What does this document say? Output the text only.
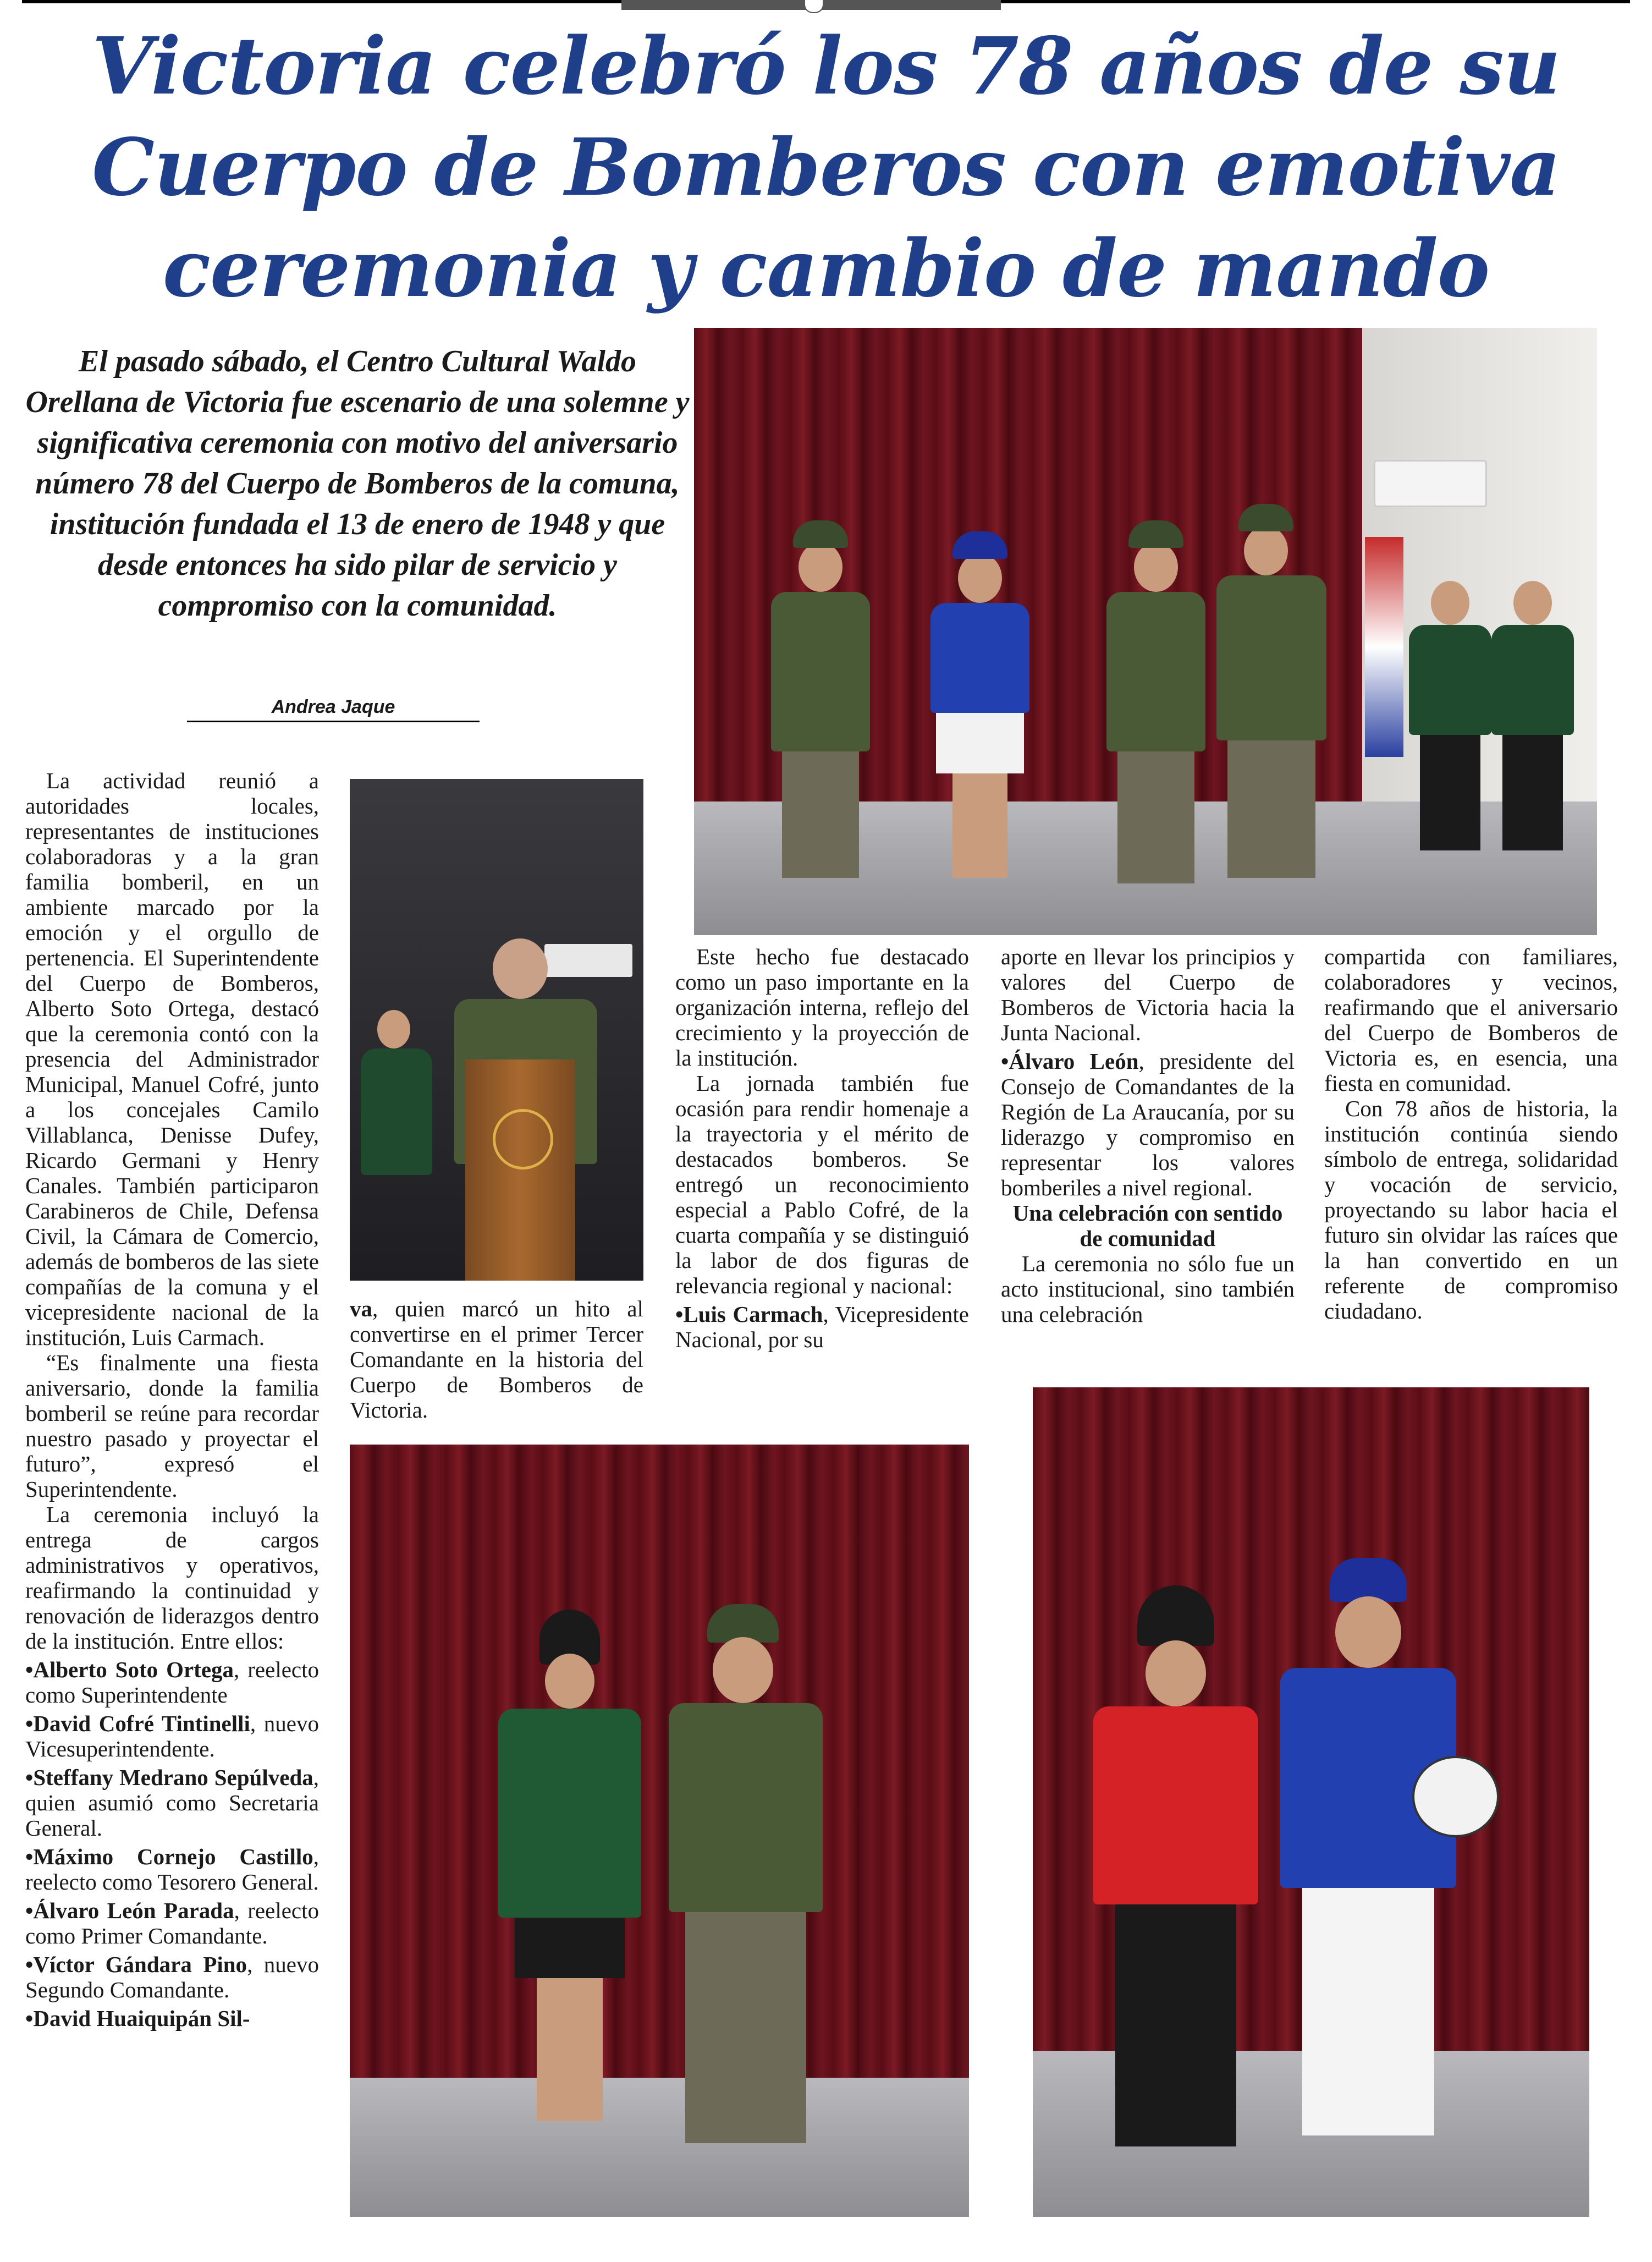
Victoria celebró los 78 años de su Cuerpo de Bomberos con emotiva ceremonia y cambio de mando

El pasado sábado, el Centro Cultural Waldo Orellana de Victoria fue escenario de una solemne y significativa ceremonia con motivo del aniversario número 78 del Cuerpo de Bomberos de la comuna, institución fundada el 13 de enero de 1948 y que desde entonces ha sido pilar de servicio y compromiso con la comunidad.

Andrea Jaque

La actividad reunió a autoridades locales, representantes de instituciones colaboradoras y a la gran familia bomberil, en un ambiente marcado por la emoción y el orgullo de pertenencia. El Superintendente del Cuerpo de Bomberos, Alberto Soto Ortega, destacó que la ceremonia contó con la presencia del Administrador Municipal, Manuel Cofré, junto a los concejales Camilo Villablanca, Denisse Dufey, Ricardo Germani y Henry Canales. También participaron Carabineros de Chile, Defensa Civil, la Cámara de Comercio, además de bomberos de las siete compañías de la comuna y el vicepresidente nacional de la institución, Luis Carmach.

“Es finalmente una fiesta aniversario, donde la familia bomberil se reúne para recordar nuestro pasado y proyectar el futuro”, expresó el Superintendente.

La ceremonia incluyó la entrega de cargos administrativos y operativos, reafirmando la continuidad y renovación de liderazgos dentro de la institución. Entre ellos:

•Alberto Soto Ortega, reelecto como Superintendente

•David Cofré Tintinelli, nuevo Vicesuperintendente.

•Steffany Medrano Sepúlveda, quien asumió como Secretaria General.

•Máximo Cornejo Castillo, reelecto como Tesorero General.

•Álvaro León Parada, reelecto como Primer Comandante.

•Víctor Gándara Pino, nuevo Segundo Comandante.

•David Huaiquipán Sil-

va, quien marcó un hito al convertirse en el primer Tercer Comandante en la historia del Cuerpo de Bomberos de Victoria.

Este hecho fue destacado como un paso importante en la organización interna, reflejo del crecimiento y la proyección de la institución.

La jornada también fue ocasión para rendir homenaje a la trayectoria y el mérito de destacados bomberos. Se entregó un reconocimiento especial a Pablo Cofré, de la cuarta compañía y se distinguió la labor de dos figuras de relevancia regional y nacional:

•Luis Carmach, Vicepresidente Nacional, por su

aporte en llevar los principios y valores del Cuerpo de Bomberos de Victoria hacia la Junta Nacional.

•Álvaro León, presidente del Consejo de Comandantes de la Región de La Araucanía, por su liderazgo y compromiso en representar los valores bomberiles a nivel regional.

Una celebración con sentido de comunidad

La ceremonia no sólo fue un acto institucional, sino también una celebración

compartida con familiares, colaboradores y vecinos, reafirmando que el aniversario del Cuerpo de Bomberos de Victoria es, en esencia, una fiesta en comunidad.

Con 78 años de historia, la institución continúa siendo símbolo de entrega, solidaridad y vocación de servicio, proyectando su labor hacia el futuro sin olvidar las raíces que la han convertido en un referente de compromiso ciudadano.
